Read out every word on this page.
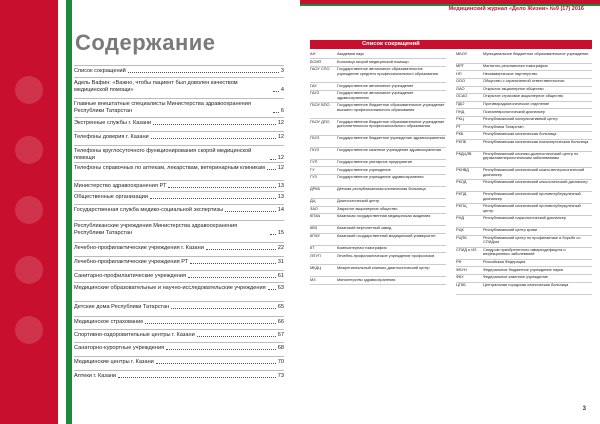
Содержание
Список сокращений	3
Адель Вафин: «Важно, чтобы пациент был доволен качеством медицинской помощи»	4
Главные внештатные специалисты Министерства здравоохранения Республики Татарстан	6
Экстренные службы г. Казани	12
Телефоны доверия г. Казани	12
Телефоны круглосуточного функционирования скорой медицинской помощи	12
Телефоны справочных по аптекам, лекарствам, ветеринарным клиникам 12
Министерство здравоохранения РТ	13
Общественные организации	13
Государственная служба медико-социальной экспертизы	14
Республиканские учреждения Министерства здравоохранения Республики Татарстан	15
Лечебно-профилактические учреждения г. Казани	22
Лечебно-профилактические учреждения РТ	31
Санитарно-профилактические учреждения	61
Медицинские образовательные и научно-исследовательские учреждения 63
Детские дома Республики Татарстан	65
Медицинское страхование	66
Спортивно-оздоровительные центры г. Казани	67
Санаторно-курортные учреждения	68
Медицинские центры г. Казани	70
Аптеки г. Казани	73
Медицинский журнал «Дело Жизни» №9 (17) 2016
Список сокращений
АН	Академия наук
БСМП	Больница скорой медицинской помощи
ГАОУ СПО	Государственное автономное образовательное учреждение среднего профессионального образования
ГАУ	Государственное автономное учреждение
ГАУЗ	Государственное автономное учреждение здравоохранения
ГБОУ ВПО	Государственное бюджетное образовательное учреждение высшего профессионального образования
ГБОУ ДПО	Государственное бюджетное образовательное учреждение дополнительного профессионального образования
ГБУЗ	Государственное бюджетное учреждение здравоохранения
ГКУЗ	Государственное казенное учреждение здравоохранения
ГУП	Государственное унитарное предприятие
ГУ	Государственное учреждение
ГУЗ	Государственное учреждение здравоохранения
ДРКБ	Детская республиканская клиническая больница
ДЦ	Диагностический центр
ЗАО	Закрытое акционерное общество
КГМА	Казанская государственная медицинская академия
КВЗ	Казанский вертолетный завод
КГМУ	Казанский государственный медицинский университет
КТ	Компьютерная томография
ЛПУП	Лечебно-профилактическое учреждение профсоюзов
МКДЦ	Межрегиональный клинико-диагностический центр
МЗ	Министерство здравоохранения
МБОУ	Муниципальное бюджетное образовательное учреждение
МРТ	Магнитно-резонансная томография
НП	Некоммерческое партнерство
ООО	Общество с ограниченной ответственностью
ОАО	Открытое акционерное общество
ОСАО	Открытое страховое акционерное общество
ПДО	Противорадиологическое отделение
ПНД	Психоневрологический диспансер
РКЦ	Республиканский консультативный центр
РТ	Республика Татарстан
РКБ	Республиканская клиническая больница
РКПБ	Республиканская клиническая психиатрическая больница
РКДЦЛВ	Республиканский клинико-диагностический центр по дерматовенерологическим заболеваниям
РКНВД	Республиканский клинический кожно-венерологический диспансер
РКОД	Республиканский клинический онкологический диспансер
РКПД	Республиканский клинический противотуберкулезный диспансер
РКПЦ	Республиканский клинический противотуберкулезный центр
РНД	Республиканский наркологический диспансер
РЦК	Республиканский центр крови
РЦПБ	Республиканский центр по профилактике и борьбе со СПИДом
СПИД и ИЗ	Синдром приобретенного иммунодефицита и инфекционных заболеваний
РФ	Российская Федерация
ФБУН	Федеральное бюджетное учреждение науки
ФКУ	Федеральное казенное учреждение
ЦГКБ	Центральная городская клиническая больница
3
